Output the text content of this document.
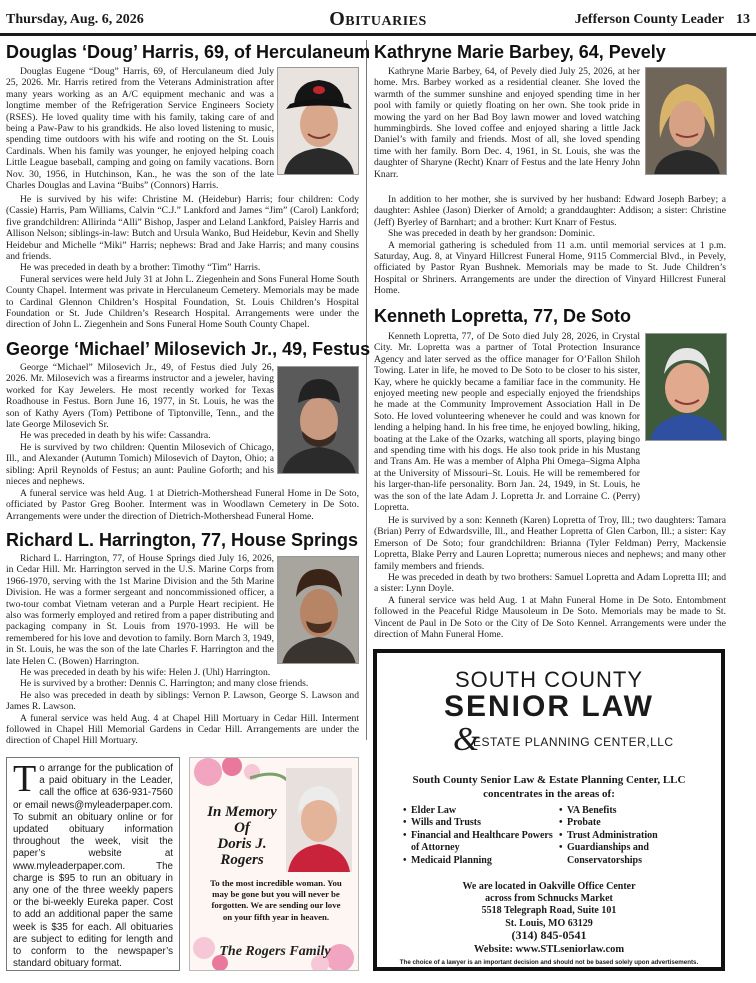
Thursday, Aug. 6, 2026	Obituaries	Jefferson County Leader 13
Douglas ‘Doug’ Harris, 69, of Herculaneum

Douglas Eugene “Doug” Harris, 69, of Herculaneum died July 25, 2026. Mr. Harris retired from the Veterans Administration after many years working as an A/C equipment mechanic and was a longtime member of the Refrigeration Service Engineers Society (RSES). He loved quality time with his family, taking care of and being a Paw-Paw to his grandkids. He also loved listening to music, spending time outdoors with his wife and rooting on the St. Louis Cardinals. When his family was younger, he enjoyed helping coach Little League baseball, camping and going on family vacations. Born Nov. 30, 1956, in Hutchinson, Kan., he was the son of the late Charles Douglas and Lavina “Buibs” (Connors) Harris.

He is survived by his wife: Christine M. (Heidebur) Harris; four children: Cody (Cassie) Harris, Pam Williams, Calvin “C.J.” Lankford and James “Jim” (Carol) Lankford; five grandchildren: Allirinda “Alli” Bishop, Jasper and Leland Lankford, Paisley Harris and Allison Nelson; siblings-in-law: Butch and Ursula Wanko, Bud Heidebur, Kevin and Shelly Heidebur and Michelle “Miki” Harris; nephews: Brad and Jake Harris; and many cousins and friends.

He was preceded in death by a brother: Timothy “Tim” Harris.

Funeral services were held July 31 at John L. Ziegenhein and Sons Funeral Home South County Chapel. Interment was private in Herculaneum Cemetery. Memorials may be made to Cardinal Glennon Children’s Hospital Foundation, St. Louis Children’s Hospital Foundation or St. Jude Children’s Research Hospital. Arrangements were under the direction of John L. Ziegenhein and Sons Funeral Home South County Chapel.

George ‘Michael’ Milosevich Jr., 49, Festus

George “Michael” Milosevich Jr., 49, of Festus died July 26, 2026. Mr. Milosevich was a firearms instructor and a jeweler, having worked for Kay Jewelers. He most recently worked for Texas Roadhouse in Festus. Born June 16, 1977, in St. Louis, he was the son of Kathy Ayers (Tom) Pettibone of Tiptonville, Tenn., and the late George Milosevich Sr.

He was preceded in death by his wife: Cassandra.

He is survived by two children: Quentin Milosevich of Chicago, Ill., and Alexander (Autumn Tomich) Milosevich of Dayton, Ohio; a sibling: April Reynolds of Festus; an aunt: Pauline Goforth; and his nieces and nephews.

A funeral service was held Aug. 1 at Dietrich-Mothershead Funeral Home in De Soto, officiated by Pastor Greg Booher. Interment was in Woodlawn Cemetery in De Soto. Arrangements were under the direction of Dietrich-Mothershead Funeral Home.

Richard L. Harrington, 77, House Springs

Richard L. Harrington, 77, of House Springs died July 16, 2026, in Cedar Hill. Mr. Harrington served in the U.S. Marine Corps from 1966-1970, serving with the 1st Marine Division and the 5th Marine Division. He was a former sergeant and noncommissioned officer, a two-tour combat Vietnam veteran and a Purple Heart recipient. He also was formerly employed and retired from a paper distributing and packaging company in St. Louis from 1970-1993. He will be remembered for his love and devotion to family. Born March 3, 1949, in St. Louis, he was the son of the late Charles F. Harrington and the late Helen C. (Bowen) Harrington.

He was preceded in death by his wife: Helen J. (Uhl) Harrington.

He is survived by a brother: Dennis C. Harrington; and many close friends.

He also was preceded in death by siblings: Vernon P. Lawson, George S. Lawson and James R. Lawson.

A funeral service was held Aug. 4 at Chapel Hill Mortuary in Cedar Hill. Interment followed in Chapel Hill Memorial Gardens in Cedar Hill. Arrangements are under the direction of Chapel Hill Mortuary.

Kathryne Marie Barbey, 64, Pevely

Kathryne Marie Barbey, 64, of Pevely died July 25, 2026, at her home. Mrs. Barbey worked as a residential cleaner. She loved the warmth of the summer sunshine and enjoyed spending time in her pool with family or quietly floating on her own. She took pride in mowing the yard on her Bad Boy lawn mower and loved watching hummingbirds. She loved coffee and enjoyed sharing a little Jack Daniel’s with family and friends. Most of all, she loved spending time with her family. Born Dec. 4, 1961, in St. Louis, she was the daughter of Sharyne (Recht) Knarr of Festus and the late Henry John Knarr.

In addition to her mother, she is survived by her husband: Edward Joseph Barbey; a daughter: Ashlee (Jason) Dierker of Arnold; a granddaughter: Addison; a sister: Christine (Jeff) Byerley of Barnhart; and a brother: Kurt Knarr of Festus.

She was preceded in death by her grandson: Dominic.

A memorial gathering is scheduled from 11 a.m. until memorial services at 1 p.m. Saturday, Aug. 8, at Vinyard Hillcrest Funeral Home, 9115 Commercial Blvd., in Pevely, officiated by Pastor Ryan Bushnek. Memorials may be made to St. Jude Children’s Hospital or Shriners. Arrangements are under the direction of Vinyard Hillcrest Funeral Home.

Kenneth Lopretta, 77, De Soto

Kenneth Lopretta, 77, of De Soto died July 28, 2026, in Crystal City. Mr. Lopretta was a partner of Total Protection Insurance Agency and later served as the office manager for O’Fallon Shiloh Towing. Later in life, he moved to De Soto to be closer to his sister, Kay, where he quickly became a familiar face in the community. He enjoyed meeting new people and especially enjoyed the friendships he made at the Community Improvement Association Hall in De Soto. He loved volunteering whenever he could and was known for lending a helping hand. In his free time, he enjoyed bowling, hiking, boating at the Lake of the Ozarks, watching all sports, playing bingo and spending time with his dogs. He also took pride in his Mustang and Trans Am. He was a member of Alpha Phi Omega–Sigma Alpha at the University of Missouri–St. Louis. He will be remembered for his larger-than-life personality. Born Jan. 24, 1949, in St. Louis, he was the son of the late Adam J. Lopretta Jr. and Lorraine C. (Perry) Lopretta.

He is survived by a son: Kenneth (Karen) Lopretta of Troy, Ill.; two daughters: Tamara (Brian) Perry of Edwardsville, Ill., and Heather Lopretta of Glen Carbon, Ill.; a sister: Kay Emerson of De Soto; four grandchildren: Brianna (Tyler Feldman) Perry, Mackensie Lopretta, Blake Perry and Lauren Lopretta; numerous nieces and nephews; and many other family members and friends.

He was preceded in death by two brothers: Samuel Lopretta and Adam Lopretta III; and a sister: Lynn Doyle.

A funeral service was held Aug. 1 at Mahn Funeral Home in De Soto. Entombment followed in the Peaceful Ridge Mausoleum in De Soto. Memorials may be made to St. Vincent de Paul in De Soto or the City of De Soto Kennel. Arrangements were under the direction of Mahn Funeral Home.

T o arrange for the publication of a paid obituary in the Leader, call the office at 636-931-7560 or email news@myleaderpaper.com. To submit an obituary online or for updated obituary information throughout the week, visit the paper’s website at www.myleaderpaper.com. The charge is $95 to run an obituary in any one of the three weekly papers or the bi-weekly Eureka paper. Cost to add an additional paper the same week is $35 for each. All obituaries are subject to editing for length and to conform to the newspaper’s standard obituary format.
In Memory
Of
Doris J.
Rogers
To the most incredible woman. You may be gone but you will never be forgotten. We are sending our love on your fifth year in heaven.
The Rogers Family
SOUTH COUNTY
SENIOR LAW
&
ESTATE PLANNING CENTER,LLC
South County Senior Law & Estate Planning Center, LLC
concentrates in the areas of:
• Elder Law
• Wills and Trusts
• Financial and Healthcare Powers of Attorney
• Medicaid Planning
• VA Benefits
• Probate
• Trust Administration
• Guardianships and Conservatorships
We are located in Oakville Office Center
across from Schnucks Market
5518 Telegraph Road, Suite 101
St. Louis, MO 63129
(314) 845-0541
Website: www.STLseniorlaw.com
The choice of a lawyer is an important decision and should not be based solely upon advertisements.
